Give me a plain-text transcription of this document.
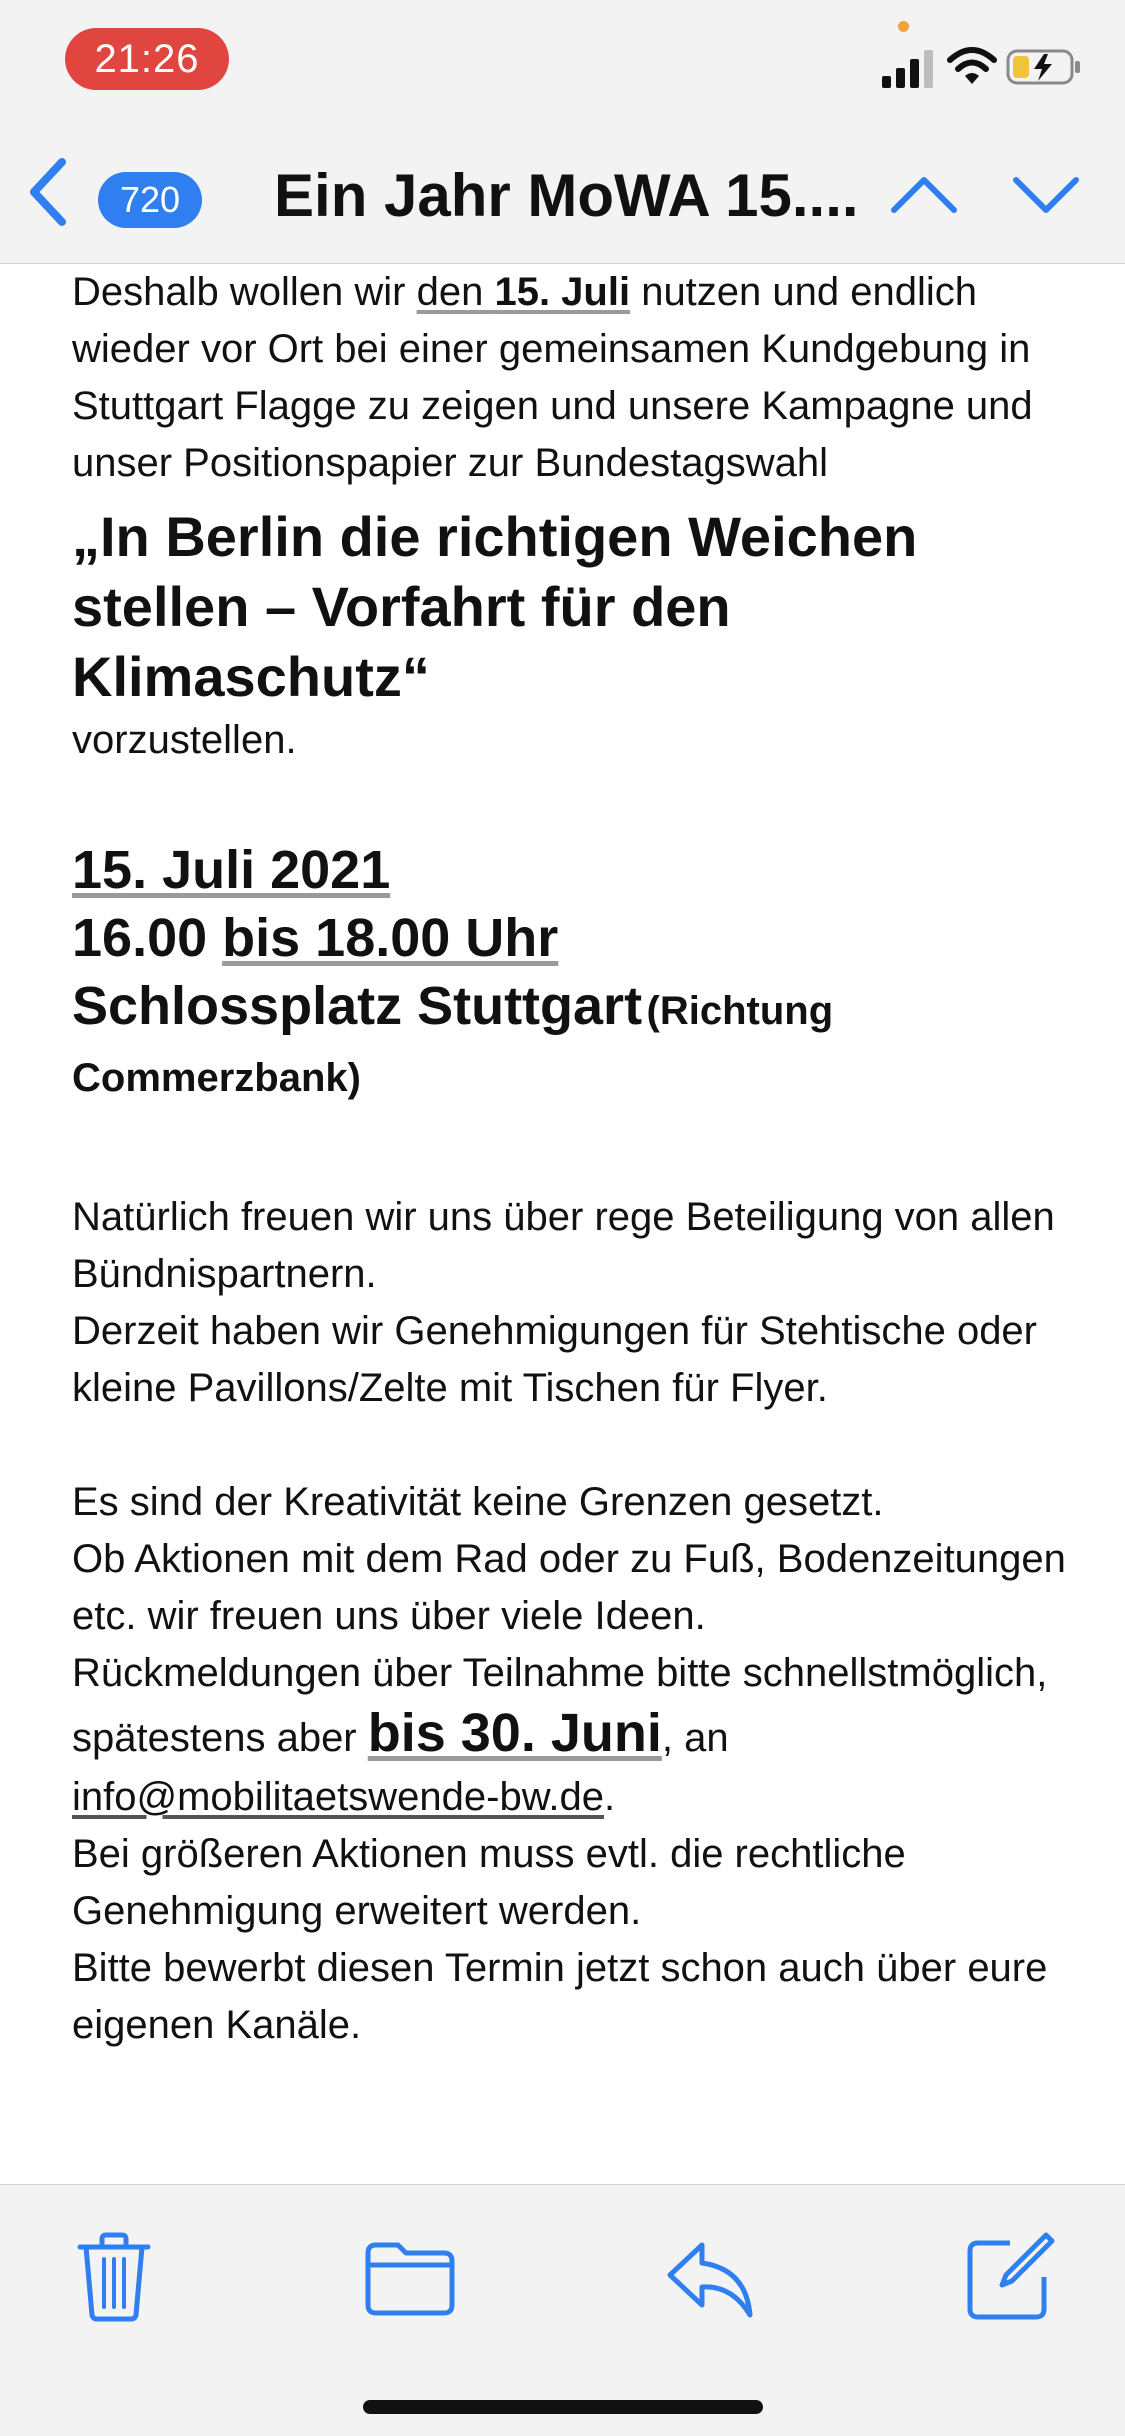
21:26
720	Ein Jahr MoWA 15....
Deshalb wollen wir den 15. Juli nutzen und endlich wieder vor Ort bei einer gemeinsamen Kundgebung in Stuttgart Flagge zu zeigen und unsere Kampagne und unser Positionspapier zur Bundestagswahl
„In Berlin die richtigen Weichen stellen – Vorfahrt für den Klimaschutz“
vorzustellen.
15. Juli 2021
16.00 bis 18.00 Uhr
Schlossplatz Stuttgart (Richtung Commerzbank)
Natürlich freuen wir uns über rege Beteiligung von allen Bündnispartnern.
Derzeit haben wir Genehmigungen für Stehtische oder kleine Pavillons/Zelte mit Tischen für Flyer.
Es sind der Kreativität keine Grenzen gesetzt.
Ob Aktionen mit dem Rad oder zu Fuß, Bodenzeitungen etc. wir freuen uns über viele Ideen.
Rückmeldungen über Teilnahme bitte schnellstmöglich,
spätestens aber bis 30. Juni, an
info@mobilitaetswende-bw.de.
Bei größeren Aktionen muss evtl. die rechtliche Genehmigung erweitert werden.
Bitte bewerbt diesen Termin jetzt schon auch über eure eigenen Kanäle.
